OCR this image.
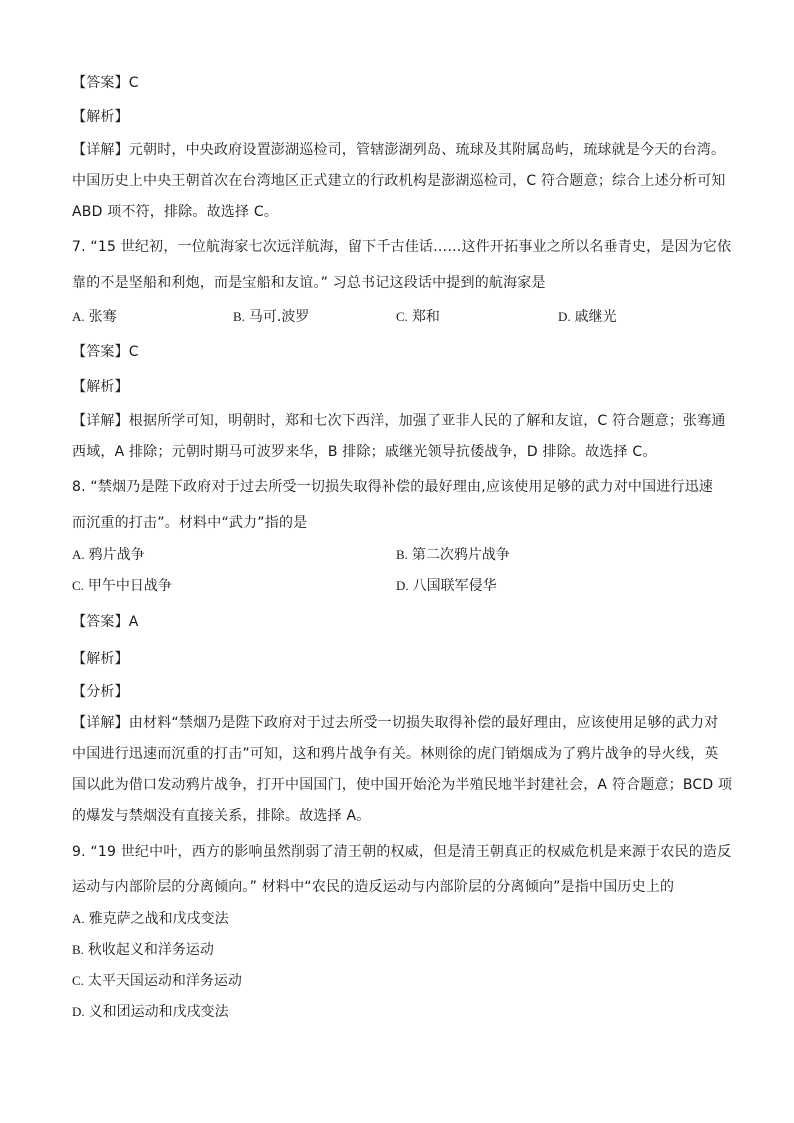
【答案】C
【解析】
【详解】元朝时，中央政府设置澎湖巡检司，管辖澎湖列岛、琉球及其附属岛屿，琉球就是今天的台湾。
中国历史上中央王朝首次在台湾地区正式建立的行政机构是澎湖巡检司，C 符合题意；综合上述分析可知
ABD 项不符，排除。故选择 C。
7. “15 世纪初，一位航海家七次远洋航海，留下千古佳话……这件开拓事业之所以名垂青史，是因为它依
靠的不是坚船和利炮，而是宝船和友谊。” 习总书记这段话中提到的航海家是
A. 张骞	B. 马可.波罗	C. 郑和	D. 戚继光
【答案】C
【解析】
【详解】根据所学可知，明朝时，郑和七次下西洋，加强了亚非人民的了解和友谊，C 符合题意；张骞通
西域，A 排除；元朝时期马可波罗来华，B 排除；戚继光领导抗倭战争，D 排除。故选择 C。
8. “禁烟乃是陛下政府对于过去所受一切损失取得补偿的最好理由,应该使用足够的武力对中国进行迅速
而沉重的打击”。材料中“武力”指的是
A. 鸦片战争	B. 第二次鸦片战争
C. 甲午中日战争	D. 八国联军侵华
【答案】A
【解析】
【分析】
【详解】由材料“禁烟乃是陛下政府对于过去所受一切损失取得补偿的最好理由，应该使用足够的武力对
中国进行迅速而沉重的打击”可知，这和鸦片战争有关。林则徐的虎门销烟成为了鸦片战争的导火线，英
国以此为借口发动鸦片战争，打开中国国门，使中国开始沦为半殖民地半封建社会，A 符合题意；BCD 项
的爆发与禁烟没有直接关系，排除。故选择 A。
9. “19 世纪中叶，西方的影响虽然削弱了清王朝的权威，但是清王朝真正的权威危机是来源于农民的造反
运动与内部阶层的分离倾向。” 材料中“农民的造反运动与内部阶层的分离倾向”是指中国历史上的
A. 雅克萨之战和戊戌变法
B. 秋收起义和洋务运动
C. 太平天国运动和洋务运动
D. 义和团运动和戊戌变法
